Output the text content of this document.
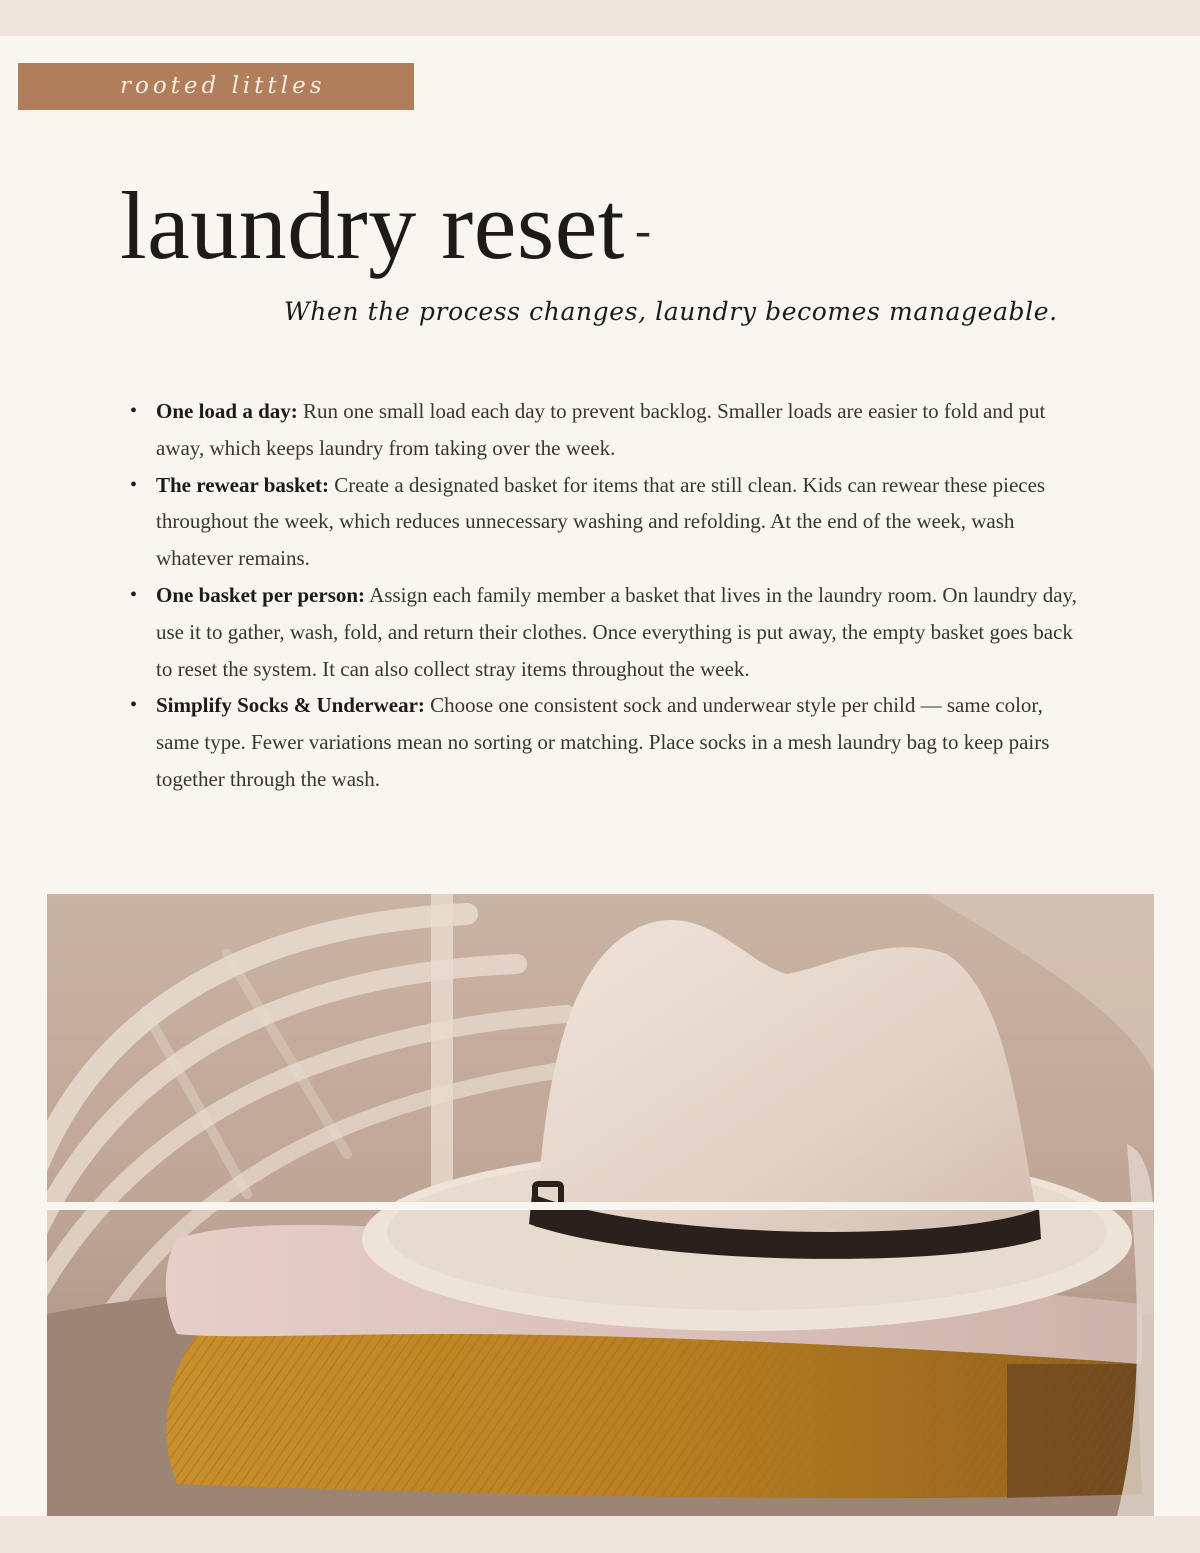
rooted littles
laundry reset -

When the process changes, laundry becomes manageable.

• One load a day: Run one small load each day to prevent backlog. Smaller loads are easier to fold and put away, which keeps laundry from taking over the week.
• The rewear basket: Create a designated basket for items that are still clean. Kids can rewear these pieces throughout the week, which reduces unnecessary washing and refolding. At the end of the week, wash whatever remains.
• One basket per person: Assign each family member a basket that lives in the laundry room. On laundry day, use it to gather, wash, fold, and return their clothes. Once everything is put away, the empty basket goes back to reset the system. It can also collect stray items throughout the week.
• Simplify Socks & Underwear: Choose one consistent sock and underwear style per child — same color, same type. Fewer variations mean no sorting or matching. Place socks in a mesh laundry bag to keep pairs together through the wash.
